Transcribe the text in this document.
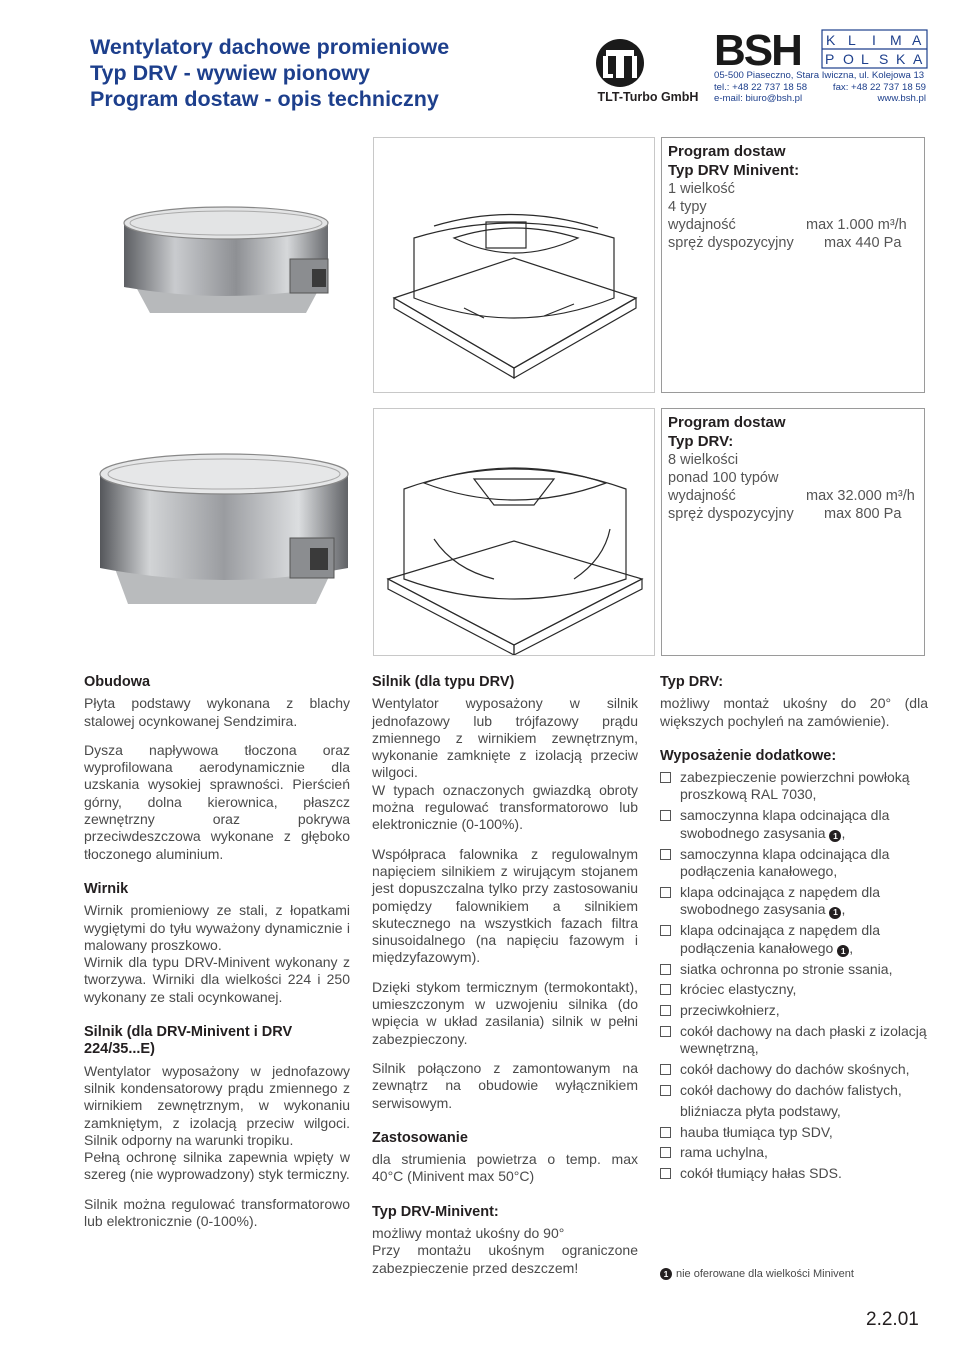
Wentylatory dachowe promieniowe
Typ DRV - wywiew pionowy
Program dostaw - opis techniczny	TLT-Turbo GmbH
BSH K L I M A
P O L S K A
05-500 Piaseczno, Stara Iwiczna, ul. Kolejowa 13
tel.: +48 22 737 18 58	fax: +48 22 737 18 59
e-mail: biuro@bsh.pl	www.bsh.pl
Program dostaw
Typ DRV Minivent:
1 wielkość
4 typy
wydajność	max 1.000 m³/h
spręż dyspozycyjny max 440 Pa
Program dostaw
Typ DRV:
8 wielkości
ponad 100 typów
wydajność	max 32.000 m³/h
spręż dyspozycyjny max 800 Pa
Obudowa

Płyta podstawy wykonana z blachy stalowej ocynkowanej Sendzimira.

Dysza napływowa tłoczona oraz wyprofilowana aerodynamicznie dla uzskania wysokiej sprawności. Pierścień górny, dolna kierownica, płaszcz zewnętrzny oraz pokrywa przeciwdeszczowa wykonane z głęboko tłoczonego aluminium.

Wirnik

Wirnik promieniowy ze stali, z łopatkami wygiętymi do tyłu wyważony dynamicznie i malowany proszkowo.

Wirnik dla typu DRV-Minivent wykonany z tworzywa. Wirniki dla wielkości 224 i 250 wykonany ze stali ocynkowanej.

Silnik (dla DRV-Minivent i DRV 224/35...E)

Wentylator wyposażony w jednofazowy silnik kondensatorowy prądu zmiennego z wirnikiem zewnętrznym, w wykonaniu zamkniętym, z izolacją przeciw wilgoci. Silnik odporny na warunki tropiku.

Pełną ochronę silnika zapewnia wpięty w szereg (nie wyprowadzony) styk termiczny.

Silnik można regulować transformatorowo lub elektronicznie (0-100%).

Silnik (dla typu DRV)

Wentylator wyposażony w silnik jednofazowy lub trójfazowy prądu zmiennego z wirnikiem zewnętrznym, wykonanie zamknięte z izolacją przeciw wilgoci.

W typach oznaczonych gwiazdką obroty można regulować transformatorowo lub elektronicznie (0-100%).

Współpraca falownika z regulowalnym napięciem silnikiem z wirującym stojanem jest dopuszczalna tylko przy zastosowaniu pomiędzy falownikiem a silnikiem skutecznego na wszystkich fazach filtra sinusoidalnego (na napięciu fazowym i międzyfazowym).

Dzięki stykom termicznym (termokontakt), umieszczonym w uzwojeniu silnika (do wpięcia w układ zasilania) silnik w pełni zabezpieczony.

Silnik połączono z zamontowanym na zewnątrz na obudowie wyłącznikiem serwisowym.

Zastosowanie

dla strumienia powietrza o temp. max 40°C (Minivent max 50°C)

Typ DRV-Minivent:

możliwy montaż ukośny do 90°

Przy montażu ukośnym ograniczone zabezpieczenie przed deszczem!

Typ DRV:

możliwy montaż ukośny do 20° (dla większych pochyleń na zamówienie).

Wyposażenie dodatkowe:
zabezpieczenie powierzchni powłoką proszkową RAL 7030,
samoczynna klapa odcinająca dla swobodnego zasysania 1 ,
samoczynna klapa odcinająca dla podłączenia kanałowego,
klapa odcinająca z napędem dla swobodnego zasysania 1 ,
klapa odcinająca z napędem dla podłączenia kanałowego 1 ,
siatka ochronna po stronie ssania,
króciec elastyczny,
przeciwkołnierz,
cokół dachowy na dach płaski z izolacją wewnętrzną,
cokół dachowy do dachów skośnych,
cokół dachowy do dachów falistych,
bliźniacza płyta podstawy,
hauba tłumiąca typ SDV,
rama uchylna,
cokół tłumiący hałas SDS.
1 nie oferowane dla wielkości Minivent
2.2.01
